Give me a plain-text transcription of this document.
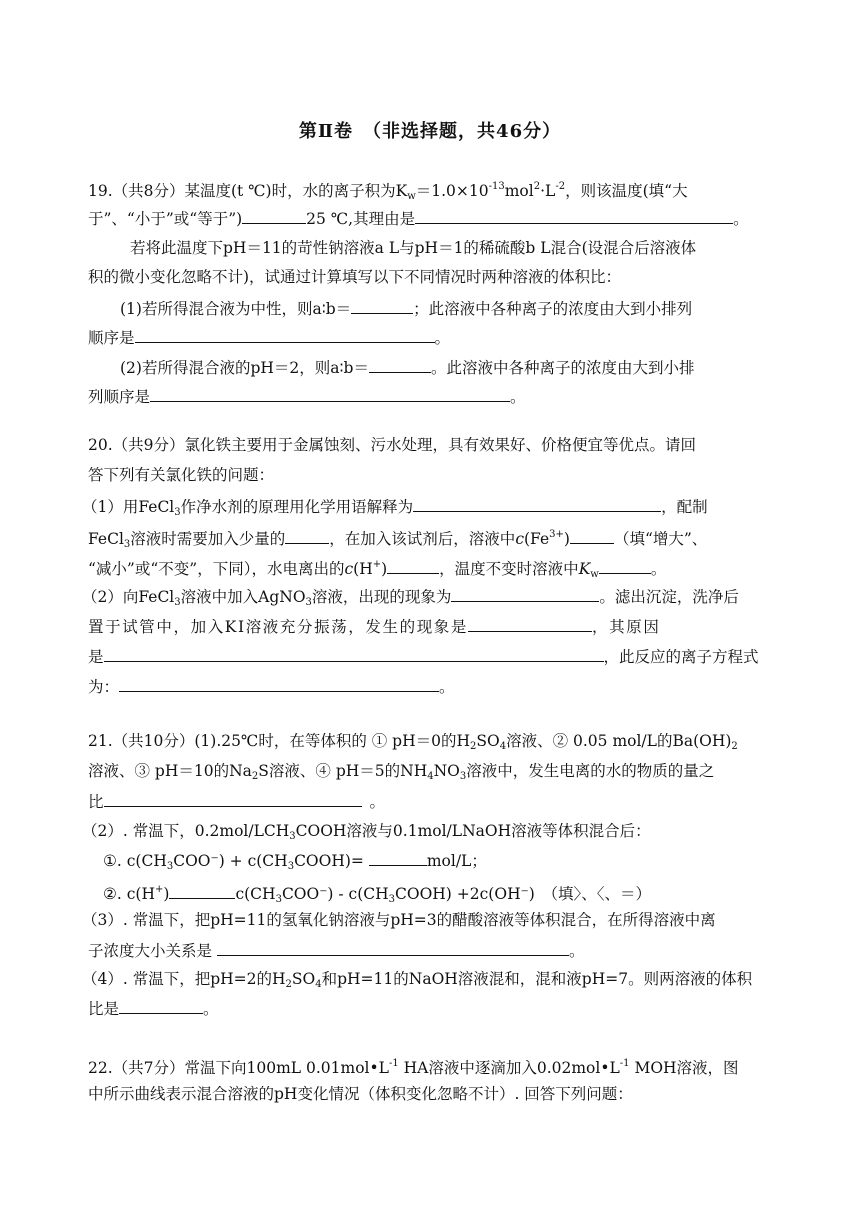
第Ⅱ卷　（非选择题，共46分）
19.（共8分）某温度(t ℃)时，水的离子积为$K_w=1.0\times 10^{-13}mol^2\cdot L^{-2}$，则该温度(填“大
于”、“小于”或“等于”)	25 ℃,其理由是	。
若将此温度下pH＝11的苛性钠溶液a L与pH＝1的稀硫酸b L混合(设混合后溶液体
积的微小变化忽略不计)，试通过计算填写以下不同情况时两种溶液的体积比：
(1)若所得混合液为中性，则a∶b＝	；此溶液中各种离子的浓度由大到小排列
顺序是	。
(2)若所得混合液的pH＝2，则a∶b＝	。此溶液中各种离子的浓度由大到小排
列顺序是	。
20.（共9分）氯化铁主要用于金属蚀刻、污水处理，具有效果好、价格便宜等优点。请回
答下列有关氯化铁的问题：
（1）用FeCl$_3$作净水剂的原理用化学用语解释为	，配制
FeCl$_3$溶液时需要加入少量的	，在加入该试剂后，溶液中$c(Fe^{3+})$	（填“增大”、
“减小”或“不变”，下同），水电离出的c(H+)	，温度不变时溶液中$K_w$	。
（2）向FeCl$_3$溶液中加入AgNO$_3$溶液，出现的现象为	。滤出沉淀，洗净后
置于试管中，加入KI溶液充分振荡，发生的现象是	，其原因
是	，此反应的离子方程式
为：	。
21.（共10分）(1).25℃时，在等体积的 ① pH＝0的$H_2SO_4$溶液、② 0.05 mol/L的$Ba(OH)_2$
溶液、③ pH＝10的$Na_2S$溶液、④ pH＝5的$NH_4NO_3$溶液中，发生电离的水的物质的量之
比	。
（2）. 常温下，$0.2mol/LCH_3COOH$溶液与0.1mol/LNaOH溶液等体积混合后：
①. $c(CH_3COO^-)$ + $c(CH_3COOH)=$	mol/L；
②. c(H+)	$c(CH_3COO^-)$ - $c(CH_3COOH) +2c(OH^-)$　（填〉、〈、＝）
（3）. 常温下，把pH=11的氢氧化钠溶液与pH=3的醋酸溶液等体积混合，在所得溶液中离
子浓度大小关系是	。
（4）. 常温下，把pH=2的$H_2SO_4$和pH=11的NaOH溶液混和，混和液pH=7。则两溶液的体积
比是	。
22.（共7分）常温下向100mL $0.01mol•L^{-1}$ HA溶液中逐滴加入$0.02mol•L^{-1}$ MOH溶液，图
中所示曲线表示混合溶液的pH变化情况（体积变化忽略不计）. 回答下列问题：
